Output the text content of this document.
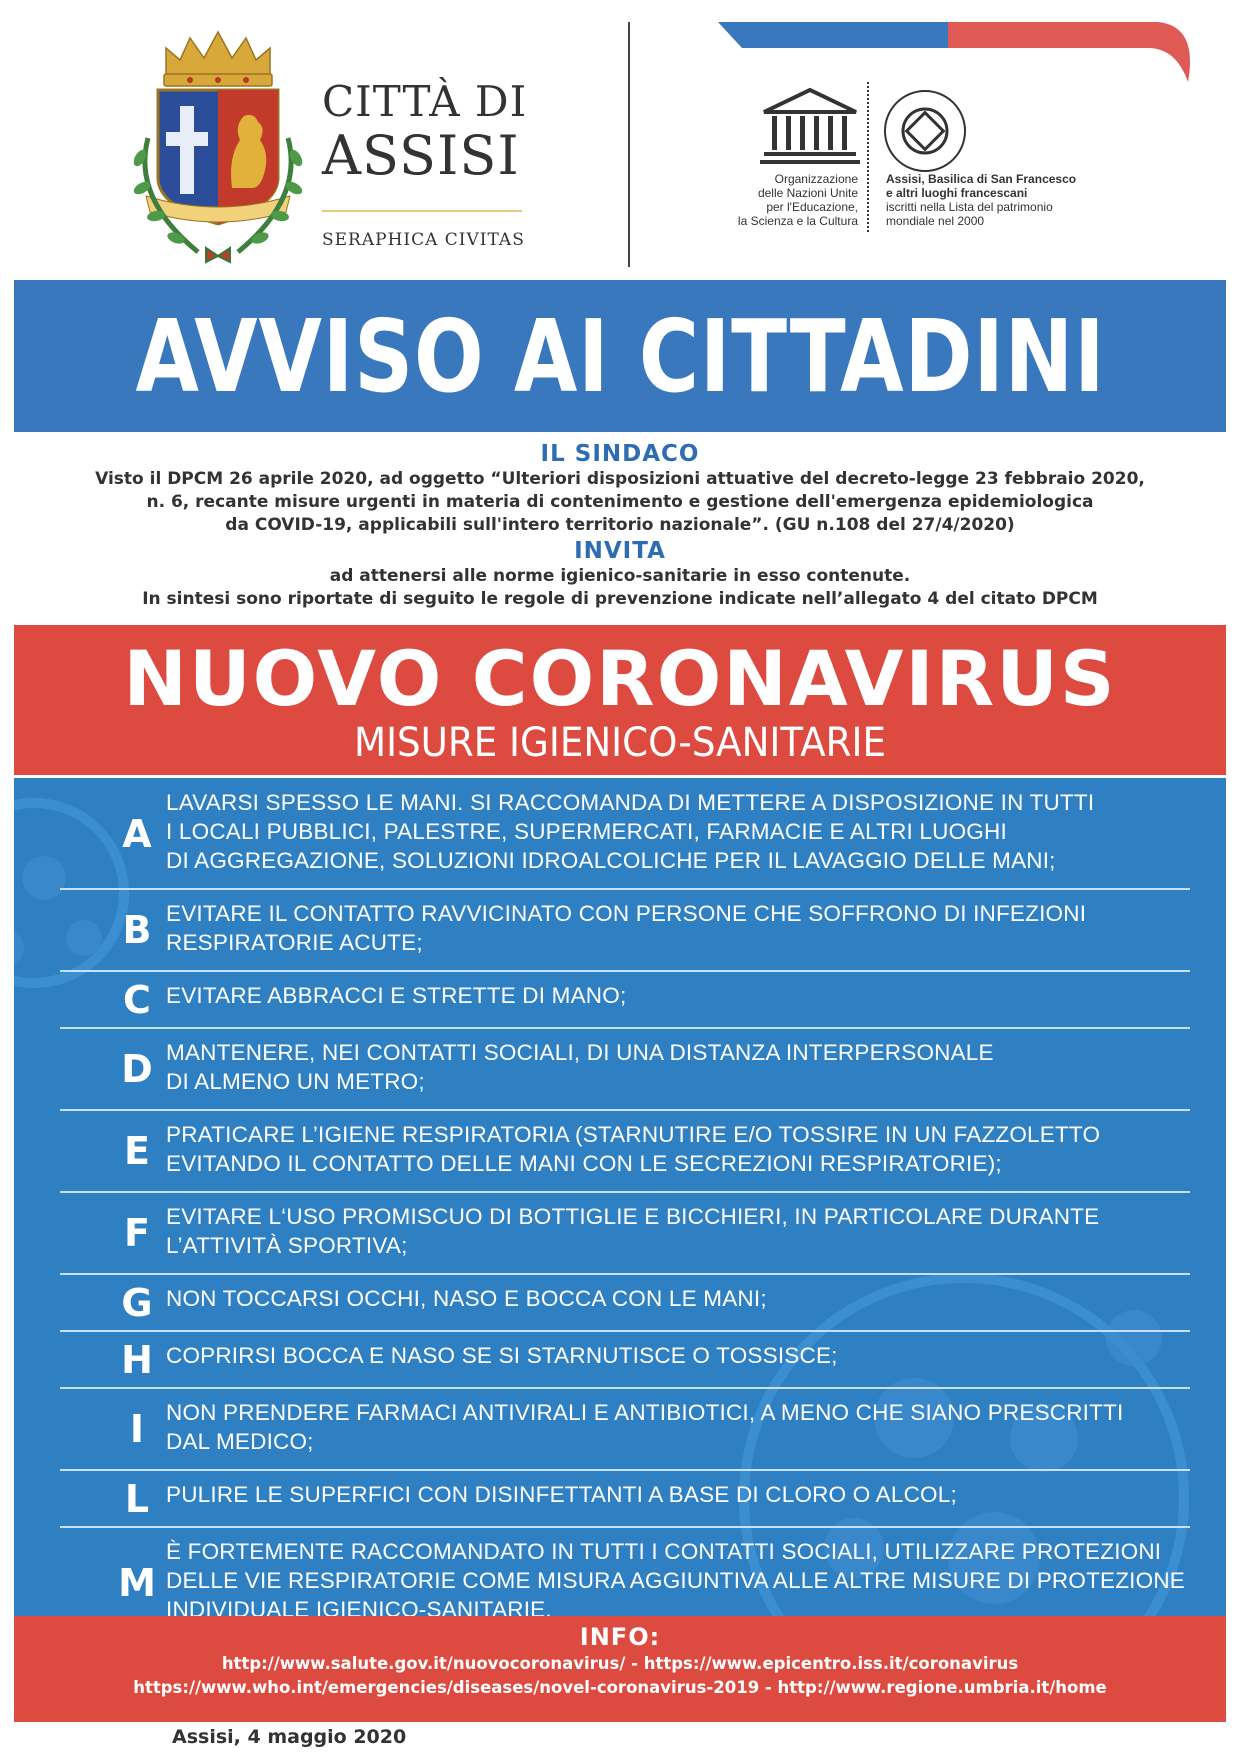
CITTÀ DI
ASSISI
SERAPHICA CIVITAS
Organizzazione
delle Nazioni Unite
per l'Educazione,
la Scienza e la Cultura
Assisi, Basilica di San Francesco
e altri luoghi francescani
iscritti nella Lista del patrimonio
mondiale nel 2000
AVVISO AI CITTADINI
IL SINDACO
Visto il DPCM 26 aprile 2020, ad oggetto “Ulteriori disposizioni attuative del decreto-legge 23 febbraio 2020,
n. 6, recante misure urgenti in materia di contenimento e gestione dell'emergenza epidemiologica
da COVID-19, applicabili sull'intero territorio nazionale”. (GU n.108 del 27/4/2020)
INVITA
ad attenersi alle norme igienico-sanitarie in esso contenute.
In sintesi sono riportate di seguito le regole di prevenzione indicate nell’allegato 4 del citato DPCM
NUOVO CORONAVIRUS
MISURE IGIENICO-SANITARIE
A
LAVARSI SPESSO LE MANI. SI RACCOMANDA DI METTERE A DISPOSIZIONE IN TUTTI
I LOCALI PUBBLICI, PALESTRE, SUPERMERCATI, FARMACIE E ALTRI LUOGHI
DI AGGREGAZIONE, SOLUZIONI IDROALCOLICHE PER IL LAVAGGIO DELLE MANI;
B EVITARE IL CONTATTO RAVVICINATO CON PERSONE CHE SOFFRONO DI INFEZIONI
RESPIRATORIE ACUTE;
C EVITARE ABBRACCI E STRETTE DI MANO;
D MANTENERE, NEI CONTATTI SOCIALI, DI UNA DISTANZA INTERPERSONALE
DI ALMENO UN METRO;
E PRATICARE L’IGIENE RESPIRATORIA (STARNUTIRE E/O TOSSIRE IN UN FAZZOLETTO
EVITANDO IL CONTATTO DELLE MANI CON LE SECREZIONI RESPIRATORIE);
F EVITARE L‘USO PROMISCUO DI BOTTIGLIE E BICCHIERI, IN PARTICOLARE DURANTE
L’ATTIVITÀ SPORTIVA;
G NON TOCCARSI OCCHI, NASO E BOCCA CON LE MANI;
H COPRIRSI BOCCA E NASO SE SI STARNUTISCE O TOSSISCE;
I NON PRENDERE FARMACI ANTIVIRALI E ANTIBIOTICI, A MENO CHE SIANO PRESCRITTI
DAL MEDICO;
L PULIRE LE SUPERFICI CON DISINFETTANTI A BASE DI CLORO O ALCOL;
M
È FORTEMENTE RACCOMANDATO IN TUTTI I CONTATTI SOCIALI, UTILIZZARE PROTEZIONI
DELLE VIE RESPIRATORIE COME MISURA AGGIUNTIVA ALLE ALTRE MISURE DI PROTEZIONE
INDIVIDUALE IGIENICO-SANITARIE.
INFO:
http://www.salute.gov.it/nuovocoronavirus/ - https://www.epicentro.iss.it/coronavirus
https://www.who.int/emergencies/diseases/novel-coronavirus-2019 - http://www.regione.umbria.it/home
Assisi, 4 maggio 2020
